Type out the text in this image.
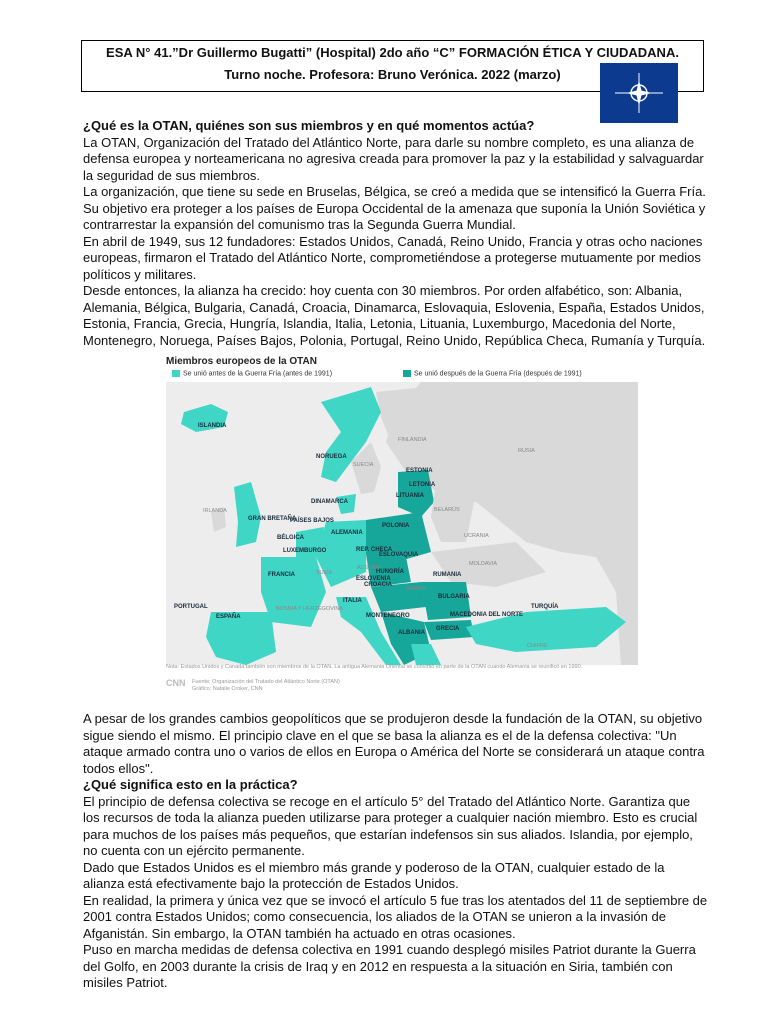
ESA N° 41.”Dr Guillermo Bugatti” (Hospital) 2do año “C” FORMACIÓN ÉTICA Y CIUDADANA.
Turno noche. Profesora: Bruno Verónica. 2022 (marzo)

¿Qué es la OTAN, quiénes son sus miembros y en qué momentos actúa?

La OTAN, Organización del Tratado del Atlántico Norte, para darle su nombre completo, es una alianza de defensa europea y norteamericana no agresiva creada para promover la paz y la estabilidad y salvaguardar la seguridad de sus miembros.

La organización, que tiene su sede en Bruselas, Bélgica, se creó a medida que se intensificó la Guerra Fría. Su objetivo era proteger a los países de Europa Occidental de la amenaza que suponía la Unión Soviética y contrarrestar la expansión del comunismo tras la Segunda Guerra Mundial.

En abril de 1949, sus 12 fundadores: Estados Unidos, Canadá, Reino Unido, Francia y otras ocho naciones europeas, firmaron el Tratado del Atlántico Norte, comprometiéndose a protegerse mutuamente por medios políticos y militares.

Desde entonces, la alianza ha crecido: hoy cuenta con 30 miembros. Por orden alfabético, son: Albania, Alemania, Bélgica, Bulgaria, Canadá, Croacia, Dinamarca, Eslovaquia, Eslovenia, España, Estados Unidos, Estonia, Francia, Grecia, Hungría, Islandia, Italia, Letonia, Lituania, Luxemburgo, Macedonia del Norte, Montenegro, Noruega, Países Bajos, Polonia, Portugal, Reino Unido, República Checa, Rumanía y Turquía.

Miembros europeos de la OTAN
Se unió antes de la Guerra Fría (antes de 1991)	Se unió después de la Guerra Fría (después de 1991)
ISLANDIA
NORUEGA
SUECIA
FINLANDIA
RUSIA
ESTONIA
LETONIA
LITUANIA
DINAMARCA
IRLANDA
GRAN BRETAÑA
PAÍSES BAJOS
BÉLGICA
ALEMANIA
POLONIA
BELARÚS
LUXEMBURGO	REP. CHECA
ESLOVAQUIA
UCRANIA
FRANCIA	SUIZA
AUSTRIA
HUNGRÍA
ESLOVENIA
CROACIA
RUMANIA
MOLDAVIA
SERBIA
BULGARIA
PORTUGAL
ESPAÑA
ITALIA
BOSNIA Y HERZEGOVINA
MONTENEGRO
ALBANIA
MACEDONIA DEL NORTE
GRECIA
TURQUÍA
CHIPRE
Nota: Estados Unidos y Canadá también son miembros de la OTAN. La antigua Alemania Oriental se convirtió en parte de la OTAN cuando Alemania se reunificó en 1990.
CNN Fuente: Organización del Tratado del Atlántico Norte (OTAN)
Gráfico: Natalie Croker, CNN

A pesar de los grandes cambios geopolíticos que se produjeron desde la fundación de la OTAN, su objetivo sigue siendo el mismo. El principio clave en el que se basa la alianza es el de la defensa colectiva: "Un ataque armado contra uno o varios de ellos en Europa o América del Norte se considerará un ataque contra todos ellos".

¿Qué significa esto en la práctica?

El principio de defensa colectiva se recoge en el artículo 5° del Tratado del Atlántico Norte. Garantiza que los recursos de toda la alianza pueden utilizarse para proteger a cualquier nación miembro. Esto es crucial para muchos de los países más pequeños, que estarían indefensos sin sus aliados. Islandia, por ejemplo, no cuenta con un ejército permanente.

Dado que Estados Unidos es el miembro más grande y poderoso de la OTAN, cualquier estado de la alianza está efectivamente bajo la protección de Estados Unidos.

En realidad, la primera y única vez que se invocó el artículo 5 fue tras los atentados del 11 de septiembre de 2001 contra Estados Unidos; como consecuencia, los aliados de la OTAN se unieron a la invasión de Afganistán. Sin embargo, la OTAN también ha actuado en otras ocasiones.

Puso en marcha medidas de defensa colectiva en 1991 cuando desplegó misiles Patriot durante la Guerra del Golfo, en 2003 durante la crisis de Iraq y en 2012 en respuesta a la situación en Siria, también con misiles Patriot.
